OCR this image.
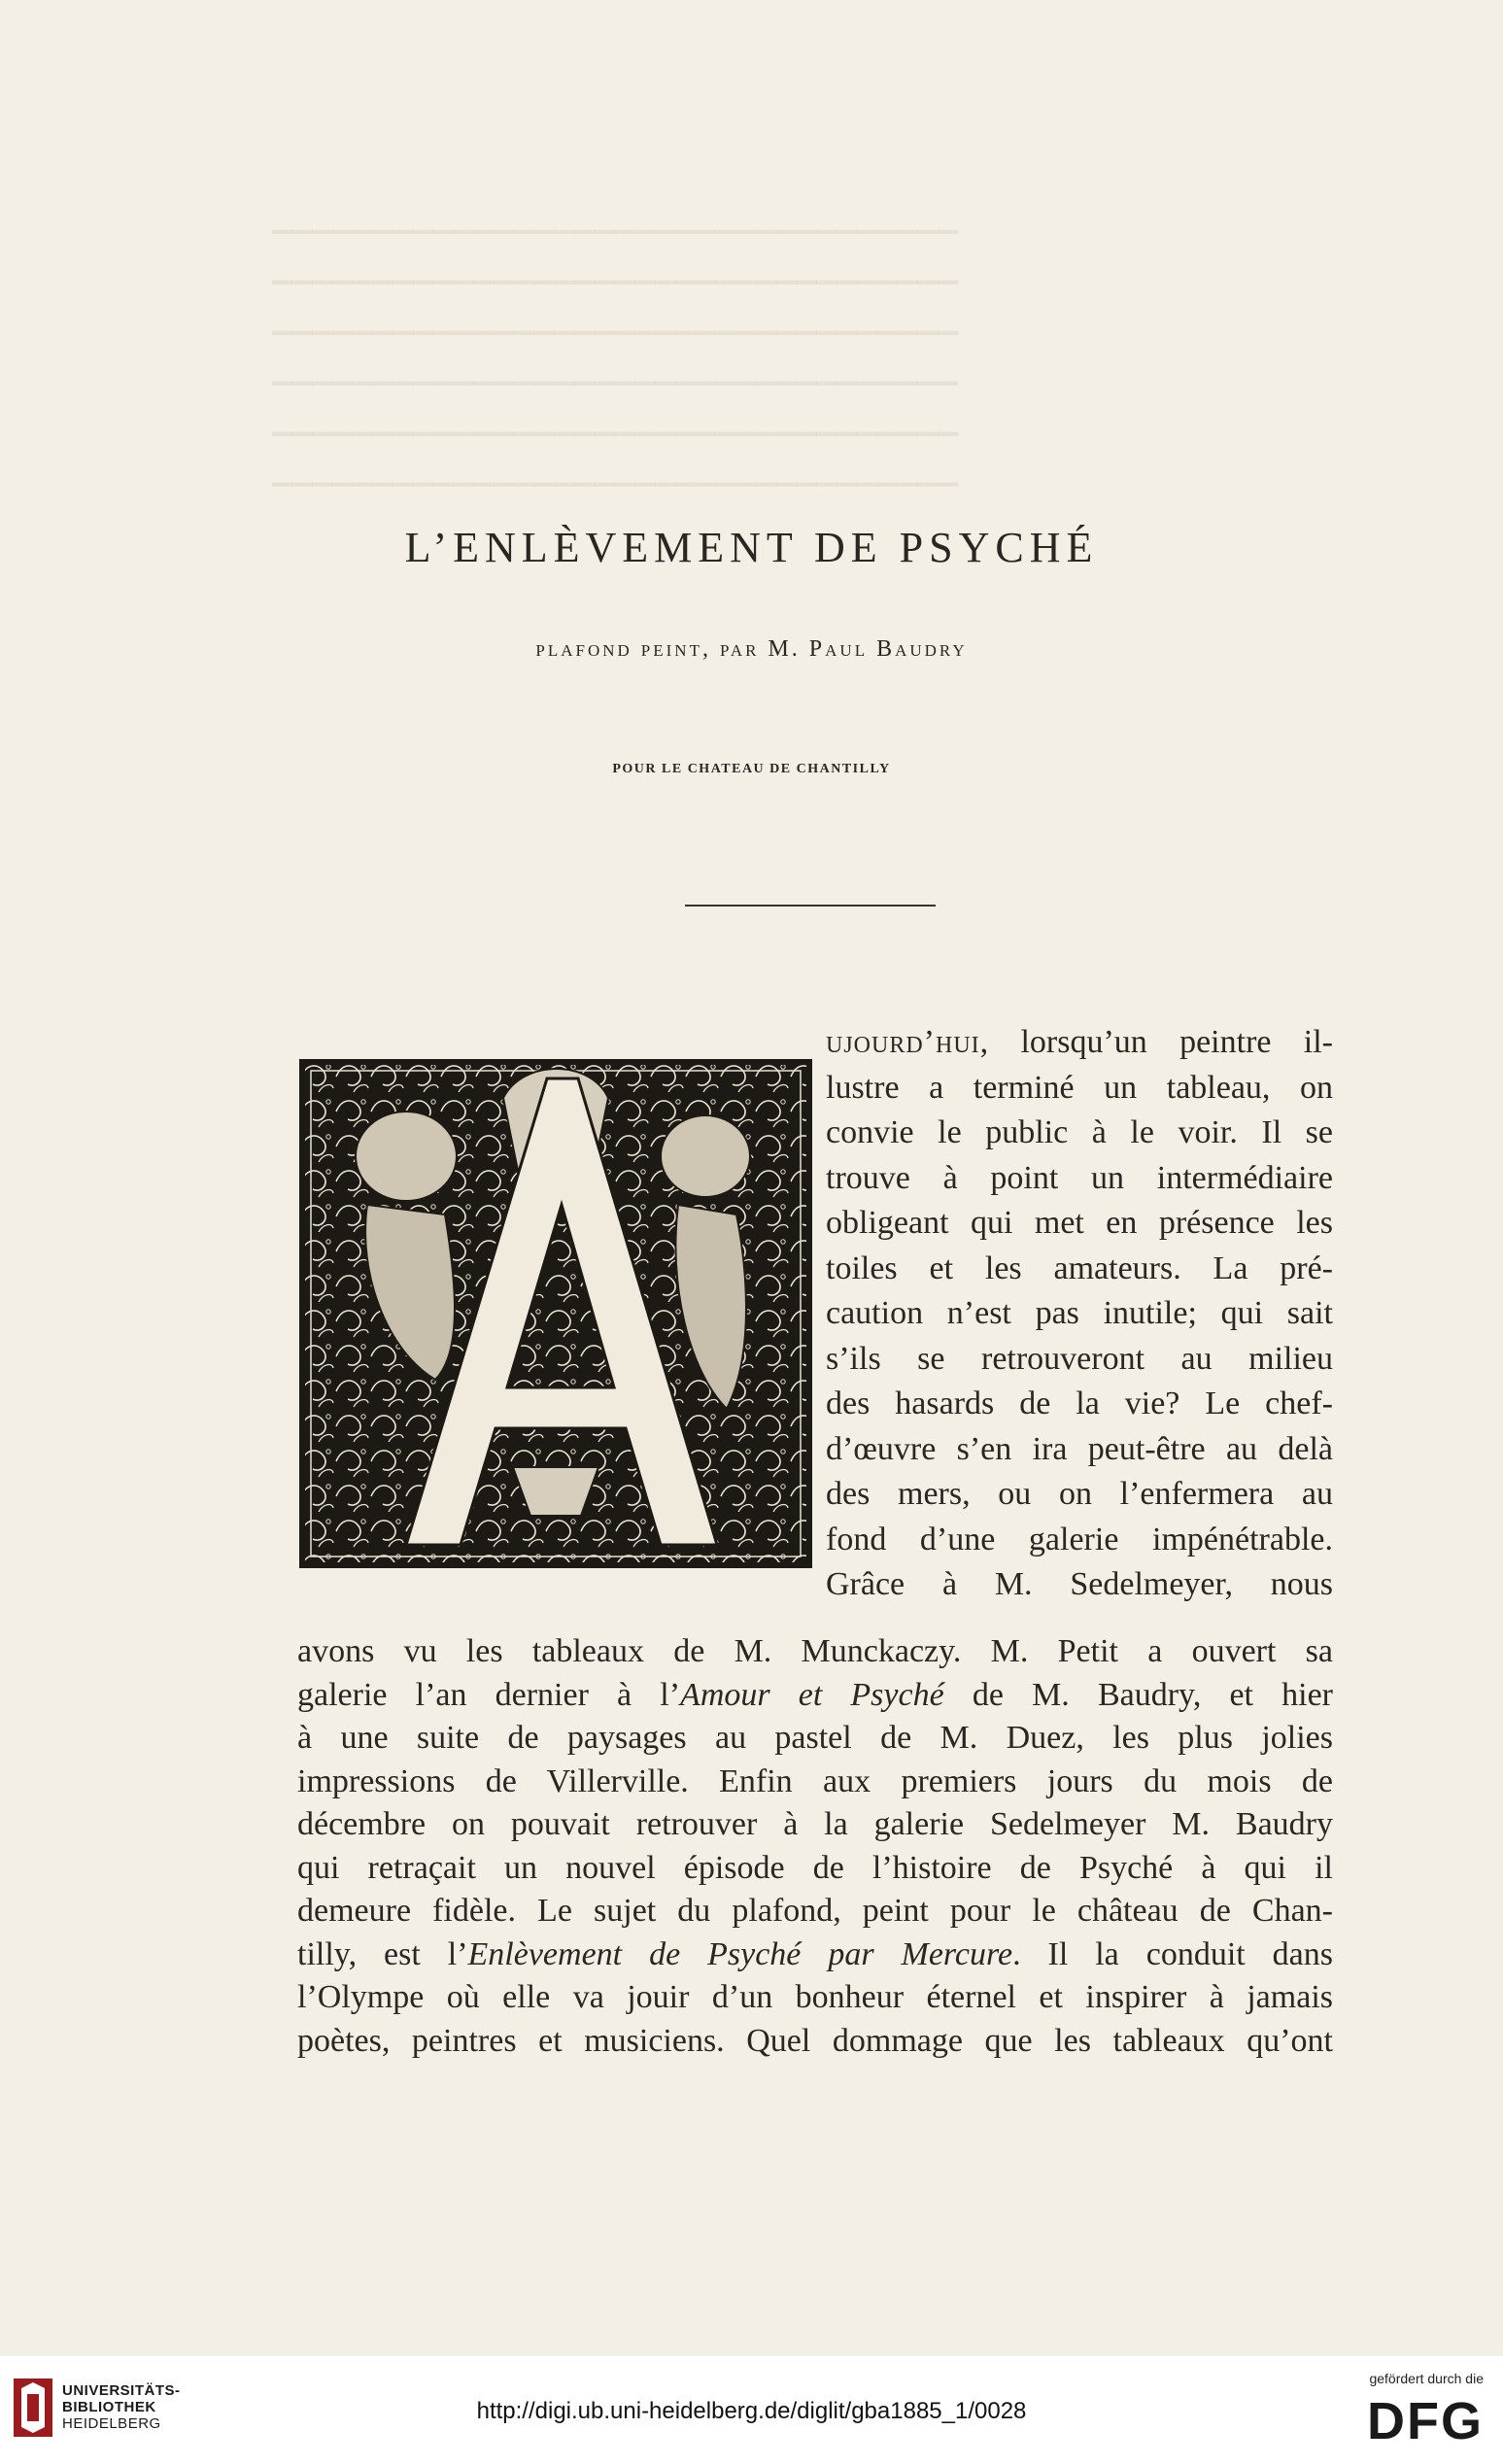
▁▁▁▁▁▁▁▁▁▁▁▁▁▁▁▁▁▁▁▁▁▁▁▁▁▁▁▁▁▁▁▁▁▁
▁▁▁▁▁▁▁▁▁▁▁▁▁▁▁▁▁▁▁▁▁▁▁▁▁▁▁▁▁▁▁▁▁▁
▁▁▁▁▁▁▁▁▁▁▁▁▁▁▁▁▁▁▁▁▁▁▁▁▁▁▁▁▁▁▁▁▁▁
▁▁▁▁▁▁▁▁▁▁▁▁▁▁▁▁▁▁▁▁▁▁▁▁▁▁▁▁▁▁▁▁▁▁
▁▁▁▁▁▁▁▁▁▁▁▁▁▁▁▁▁▁▁▁▁▁▁▁▁▁▁▁▁▁▁▁▁▁
▁▁▁▁▁▁▁▁▁▁▁▁▁▁▁▁▁▁▁▁▁▁▁▁▁▁▁▁▁▁▁▁▁▁
L’ENLÈVEMENT DE PSYCHÉ
plafond peint, par M. Paul Baudry
POUR LE CHATEAU DE CHANTILLY
ujourd’hui, lorsqu’un peintre il-
lustre a terminé un tableau, on
convie le public à le voir. Il se
trouve à point un intermédiaire
obligeant qui met en présence les
toiles et les amateurs. La pré-
caution n’est pas inutile; qui sait
s’ils se retrouveront au milieu
des hasards de la vie? Le chef-
d’œuvre s’en ira peut-être au delà
des mers, ou on l’enfermera au
fond d’une galerie impénétrable.
Grâce à M. Sedelmeyer, nous
avons vu les tableaux de M. Munckaczy. M. Petit a ouvert sa
galerie l’an dernier à l’Amour et Psyché de M. Baudry, et hier
à une suite de paysages au pastel de M. Duez, les plus jolies
impressions de Villerville. Enfin aux premiers jours du mois de
décembre on pouvait retrouver à la galerie Sedelmeyer M. Baudry
qui retraçait un nouvel épisode de l’histoire de Psyché à qui il
demeure fidèle. Le sujet du plafond, peint pour le château de Chan-
tilly, est l’Enlèvement de Psyché par Mercure. Il la conduit dans
l’Olympe où elle va jouir d’un bonheur éternel et inspirer à jamais
poètes, peintres et musiciens. Quel dommage que les tableaux qu’ont
UNIVERSITÄTS-
BIBLIOTHEK
HEIDELBERG	http://digi.ub.uni-heidelberg.de/diglit/gba1885_1/0028
gefördert durch die
DFG
